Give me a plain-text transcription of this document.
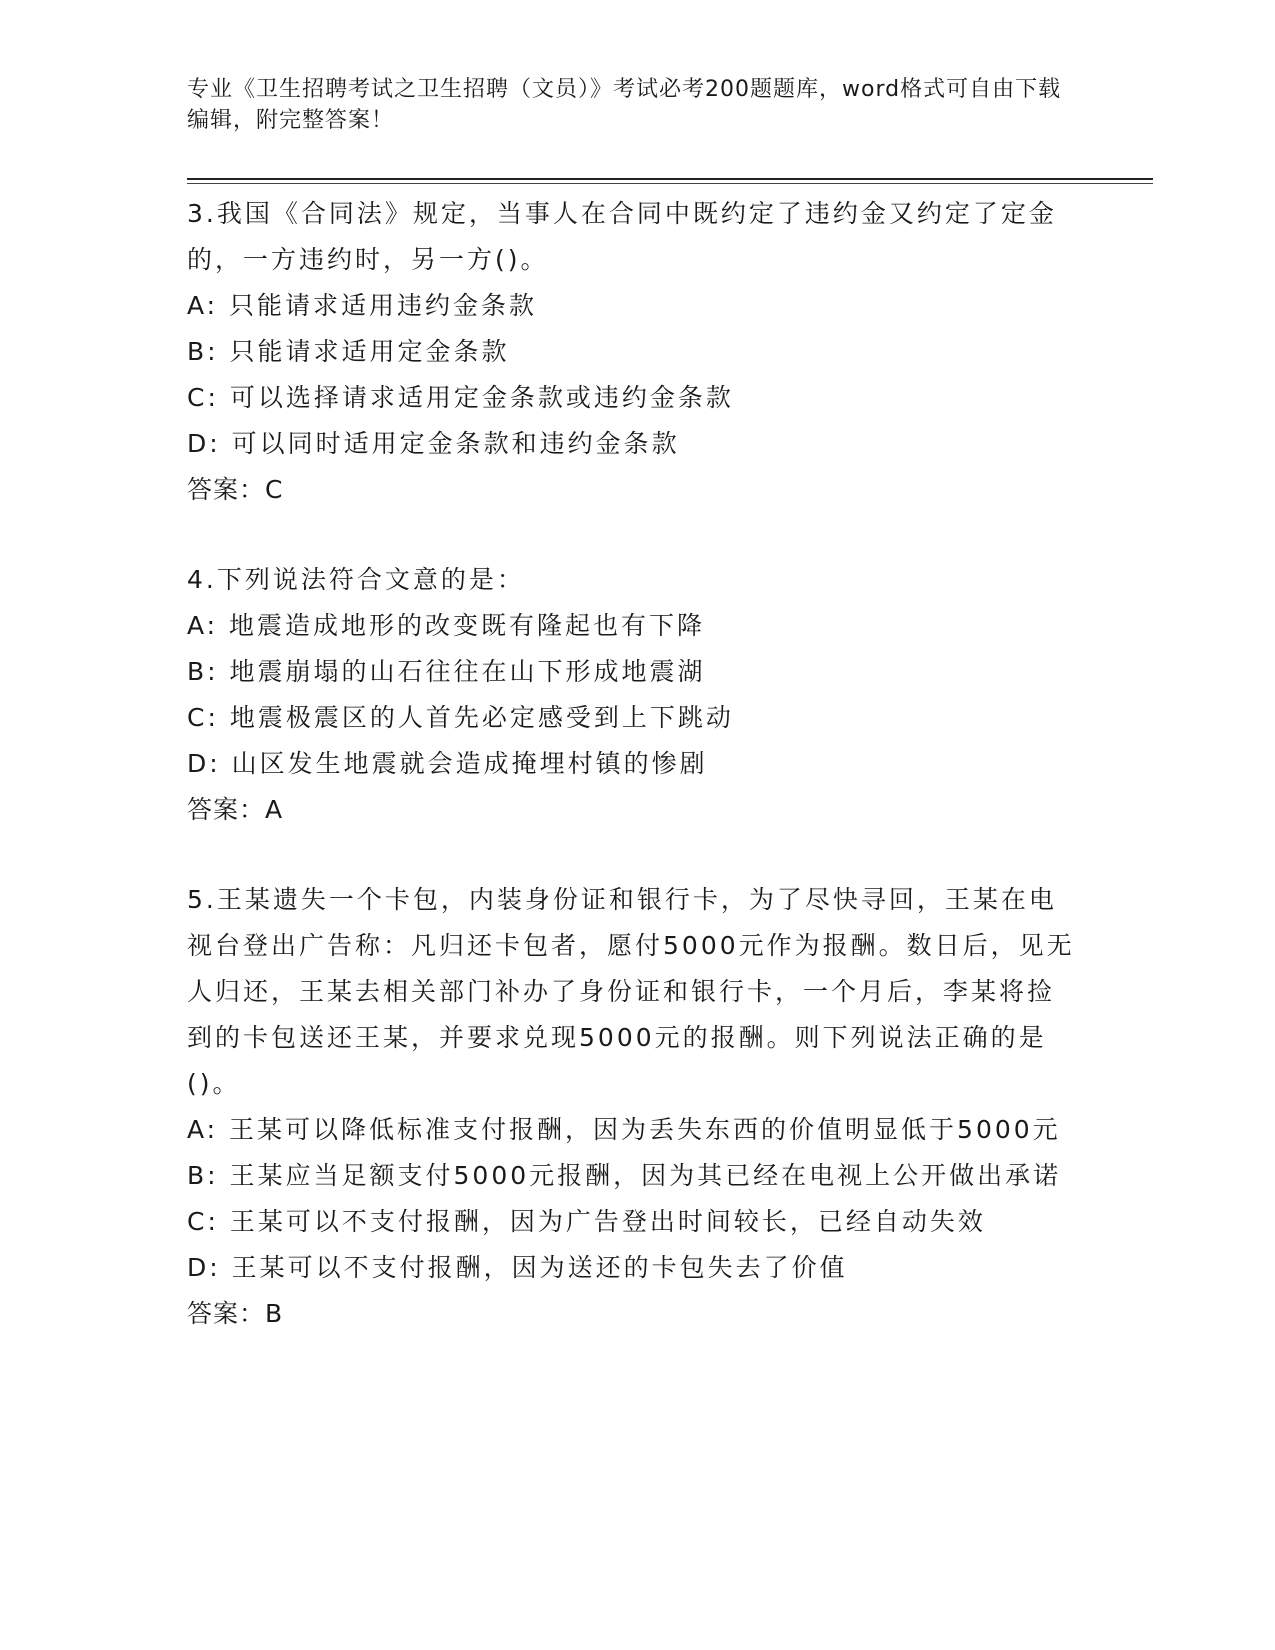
专业《卫生招聘考试之卫生招聘（文员）》考试必考200题题库，word格式可自由下载编辑，附完整答案！

3.我国《合同法》规定，当事人在合同中既约定了违约金又约定了定金的，一方违约时，另一方()。

A: 只能请求适用违约金条款

B: 只能请求适用定金条款

C: 可以选择请求适用定金条款或违约金条款

D: 可以同时适用定金条款和违约金条款

答案：C

4.下列说法符合文意的是：

A: 地震造成地形的改变既有隆起也有下降

B: 地震崩塌的山石往往在山下形成地震湖

C: 地震极震区的人首先必定感受到上下跳动

D: 山区发生地震就会造成掩埋村镇的惨剧

答案：A

5.王某遗失一个卡包，内装身份证和银行卡，为了尽快寻回，王某在电视台登出广告称：凡归还卡包者，愿付5000元作为报酬。数日后，见无人归还，王某去相关部门补办了身份证和银行卡，一个月后，李某将捡到的卡包送还王某，并要求兑现5000元的报酬。则下列说法正确的是()。

A: 王某可以降低标准支付报酬，因为丢失东西的价值明显低于5000元

B: 王某应当足额支付5000元报酬，因为其已经在电视上公开做出承诺

C: 王某可以不支付报酬，因为广告登出时间较长，已经自动失效

D: 王某可以不支付报酬，因为送还的卡包失去了价值

答案：B
